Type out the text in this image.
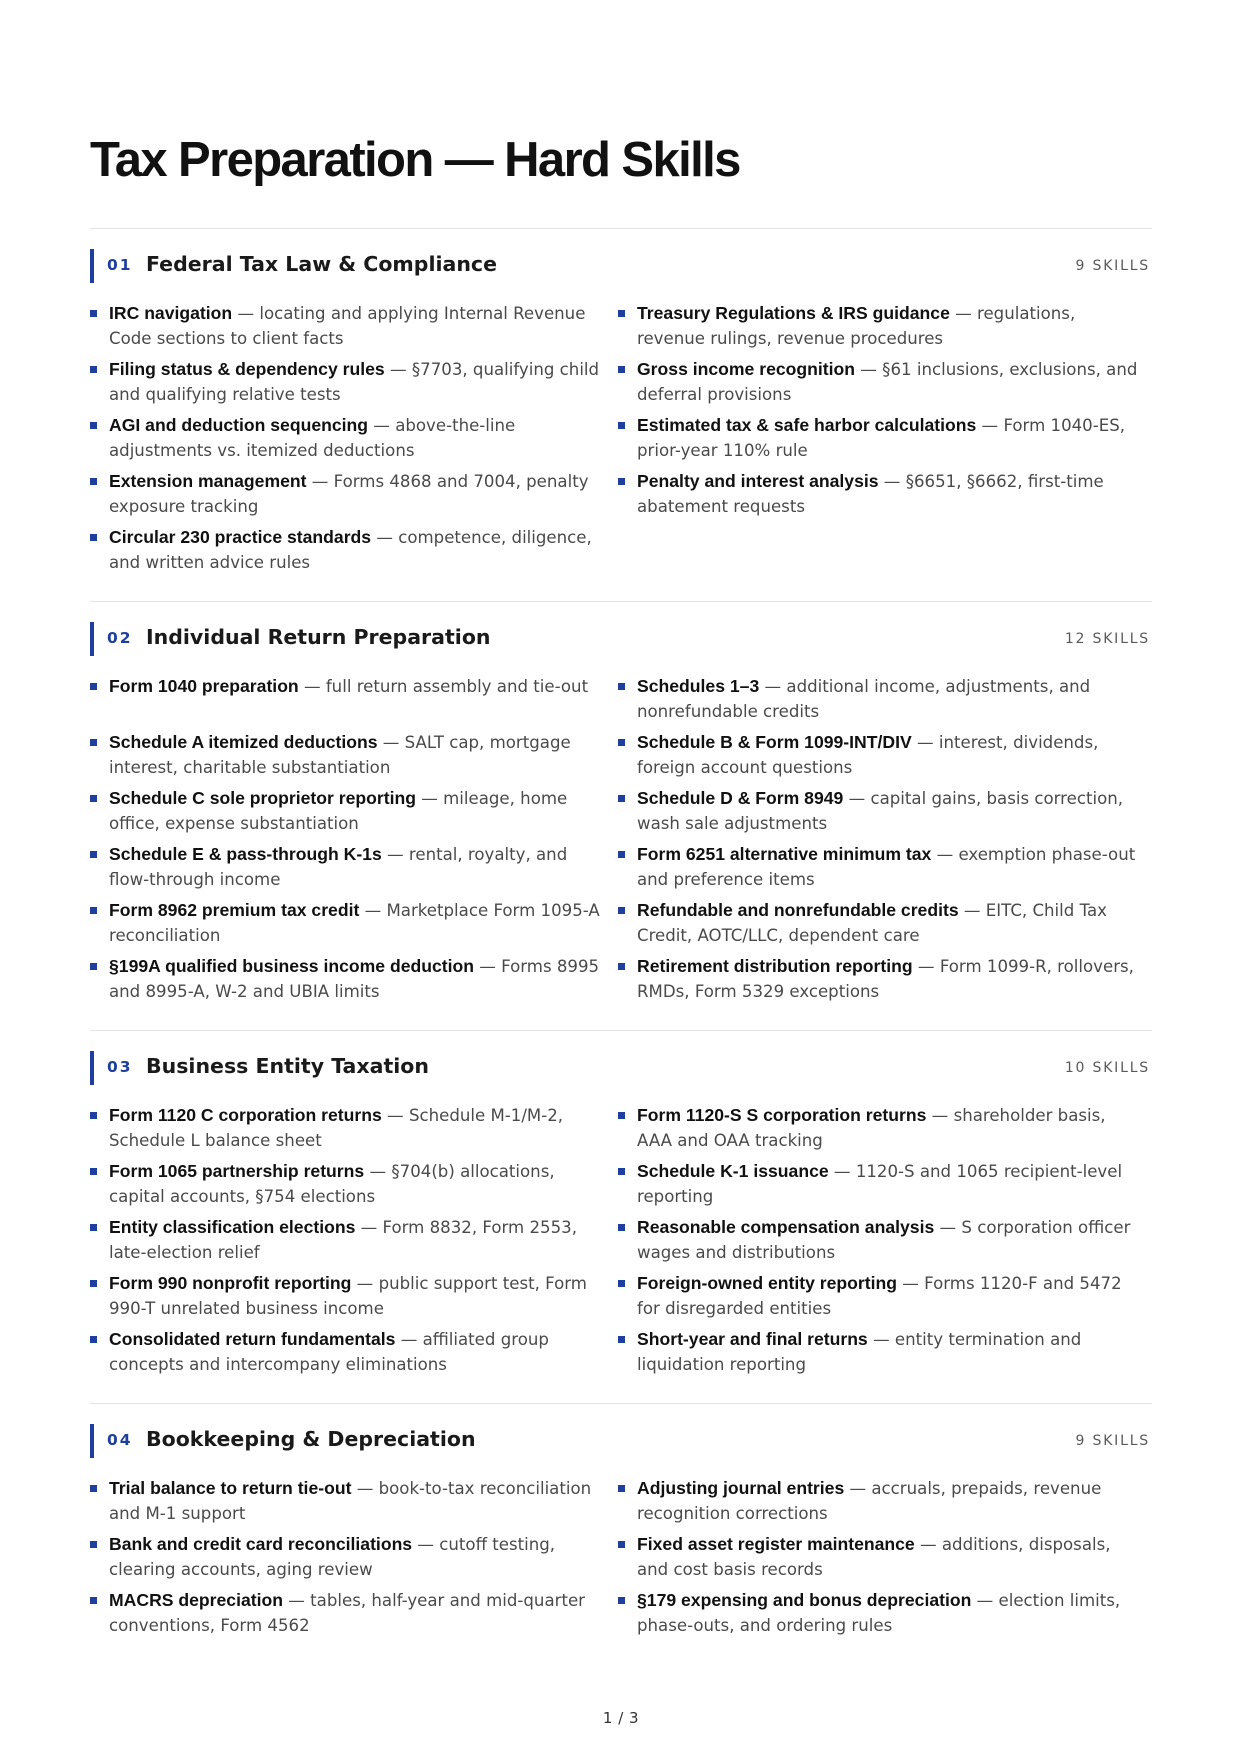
Tax Preparation — Hard Skills
01 Federal Tax Law & Compliance	9 SKILLS
IRC navigation — locating and applying Internal Revenue Code sections to client facts
Treasury Regulations & IRS guidance — regulations, revenue rulings, revenue procedures
Filing status & dependency rules — §7703, qualifying child and qualifying relative tests
Gross income recognition — §61 inclusions, exclusions, and deferral provisions
AGI and deduction sequencing — above-the-line adjustments vs. itemized deductions
Estimated tax & safe harbor calculations — Form 1040-ES, prior-year 110% rule
Extension management — Forms 4868 and 7004, penalty exposure tracking
Penalty and interest analysis — §6651, §6662, first-time abatement requests
Circular 230 practice standards — competence, diligence, and written advice rules
02 Individual Return Preparation	12 SKILLS
Form 1040 preparation — full return assembly and tie-out	Schedules 1–3 — additional income, adjustments, and nonrefundable credits
Schedule A itemized deductions — SALT cap, mortgage interest, charitable substantiation
Schedule B & Form 1099-INT/DIV — interest, dividends, foreign account questions
Schedule C sole proprietor reporting — mileage, home office, expense substantiation
Schedule D & Form 8949 — capital gains, basis correction, wash sale adjustments
Schedule E & pass-through K-1s — rental, royalty, and flow-through income
Form 6251 alternative minimum tax — exemption phase-out and preference items
Form 8962 premium tax credit — Marketplace Form 1095-A reconciliation
Refundable and nonrefundable credits — EITC, Child Tax Credit, AOTC/LLC, dependent care
§199A qualified business income deduction — Forms 8995 and 8995-A, W-2 and UBIA limits
Retirement distribution reporting — Form 1099-R, rollovers, RMDs, Form 5329 exceptions
03 Business Entity Taxation	10 SKILLS
Form 1120 C corporation returns — Schedule M-1/M-2, Schedule L balance sheet
Form 1120-S S corporation returns — shareholder basis, AAA and OAA tracking
Form 1065 partnership returns — §704(b) allocations, capital accounts, §754 elections
Schedule K-1 issuance — 1120-S and 1065 recipient-level reporting
Entity classification elections — Form 8832, Form 2553, late-election relief
Reasonable compensation analysis — S corporation officer wages and distributions
Form 990 nonprofit reporting — public support test, Form 990-T unrelated business income
Foreign-owned entity reporting — Forms 1120-F and 5472 for disregarded entities
Consolidated return fundamentals — affiliated group concepts and intercompany eliminations
Short-year and final returns — entity termination and liquidation reporting
04 Bookkeeping & Depreciation	9 SKILLS
Trial balance to return tie-out — book-to-tax reconciliation and M-1 support
Adjusting journal entries — accruals, prepaids, revenue recognition corrections
Bank and credit card reconciliations — cutoff testing, clearing accounts, aging review
Fixed asset register maintenance — additions, disposals, and cost basis records
MACRS depreciation — tables, half-year and mid-quarter conventions, Form 4562
§179 expensing and bonus depreciation — election limits, phase-outs, and ordering rules
1 / 3
